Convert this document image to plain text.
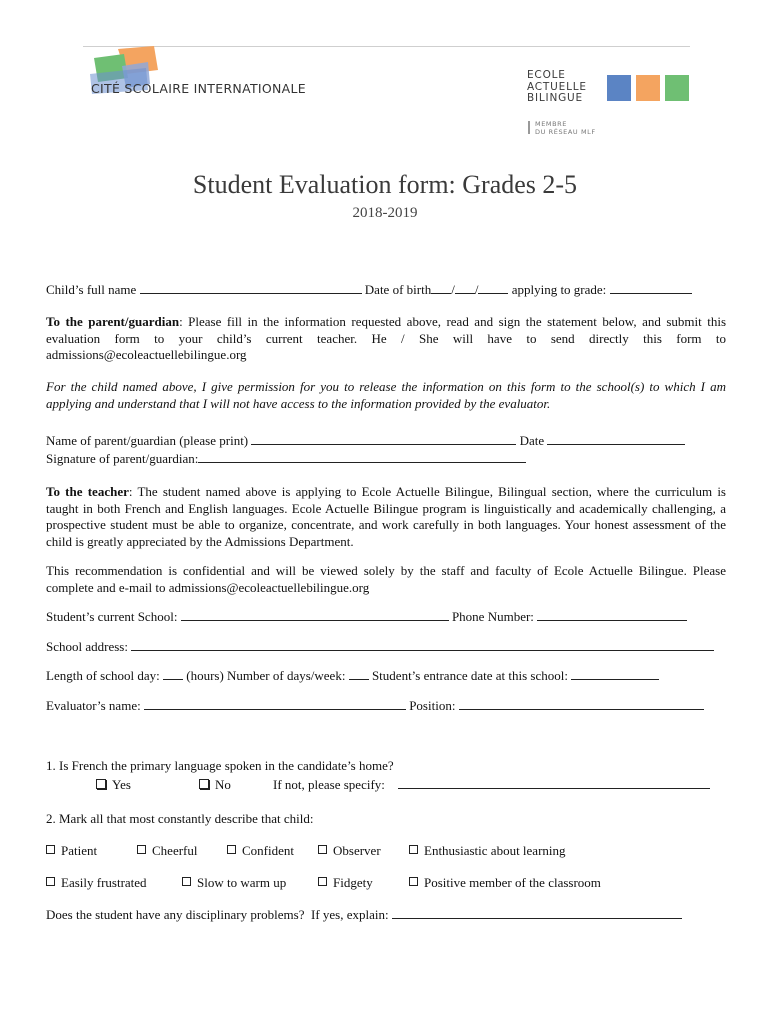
CITÉ SCOLAIRE INTERNATIONALE
ECOLE
ACTUELLE
BILINGUE
MEMBRE
DU RÉSEAU MLF
Student Evaluation form: Grades 2-5
2018-2019
Child’s full name	Date of birth / /	applying to grade:
To the parent/guardian: Please fill in the information requested above, read and sign the statement below, and submit this evaluation form to your child’s current teacher. He / She will have to send directly this form to admissions@ecoleactuellebilingue.org
For the child named above, I give permission for you to release the information on this form to the school(s) to which I am applying and understand that I will not have access to the information provided by the evaluator.
Name of parent/guardian (please print)	Date
Signature of parent/guardian:
To the teacher: The student named above is applying to Ecole Actuelle Bilingue, Bilingual section, where the curriculum is taught in both French and English languages. Ecole Actuelle Bilingue program is linguistically and academically challenging, a prospective student must be able to organize, concentrate, and work carefully in both languages. Your honest assessment of the child is greatly appreciated by the Admissions Department.
This recommendation is confidential and will be viewed solely by the staff and faculty of Ecole Actuelle Bilingue. Please complete and e-mail to admissions@ecoleactuellebilingue.org
Student’s current School:	Phone Number:
School address:
Length of school day: (hours) Number of days/week: Student’s entrance date at this school:
Evaluator’s name:	Position:
1. Is French the primary language spoken in the candidate’s home?
Yes	No	If not, please specify:
2. Mark all that most constantly describe that child:
Patient	Cheerful	Confident	Observer	Enthusiastic about learning
Easily frustrated	Slow to warm up	Fidgety	Positive member of the classroom
Does the student have any disciplinary problems?  If yes, explain:
